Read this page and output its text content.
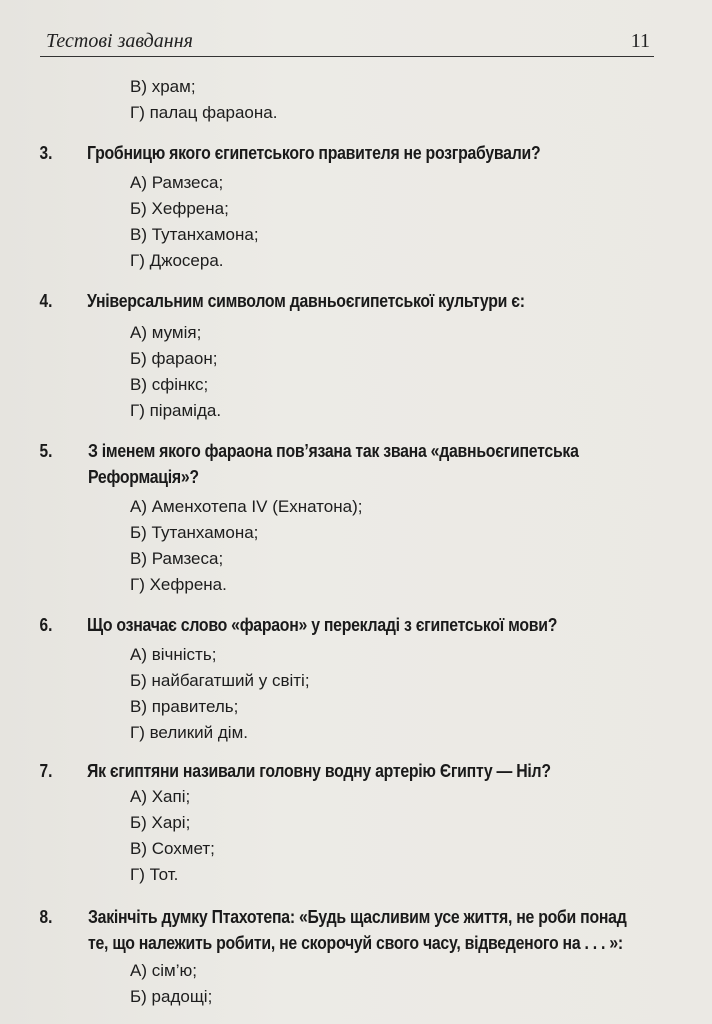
Тестові завдання	11
В) храм;
Г) палац фараона.
3.	Гробницю якого єгипетського правителя не розграбували?
А) Рамзеса;
Б) Хефрена;
В) Тутанхамона;
Г) Джосера.
4.	Універсальним символом давньоєгипетської культури є:
А) мумія;
Б) фараон;
В) сфінкс;
Г) піраміда.
5.	З іменем якого фараона пов’язана так звана «давньоєгипетська Реформація»?
А) Аменхотепа IV (Ехнатона);
Б) Тутанхамона;
В) Рамзеса;
Г) Хефрена.
6.	Що означає слово «фараон» у перекладі з єгипетської мови?
А) вічність;
Б) найбагатший у світі;
В) правитель;
Г) великий дім.
7.	Як єгиптяни називали головну водну артерію Єгипту — Ніл?
А) Хапі;
Б) Харі;
В) Сохмет;
Г) Тот.
8.	Закінчіть думку Птахотепа: «Будь щасливим усе життя, не роби понад те, що належить робити, не скорочуй свого часу, відведеного на . . . »:
А) сім’ю;
Б) радощі;
